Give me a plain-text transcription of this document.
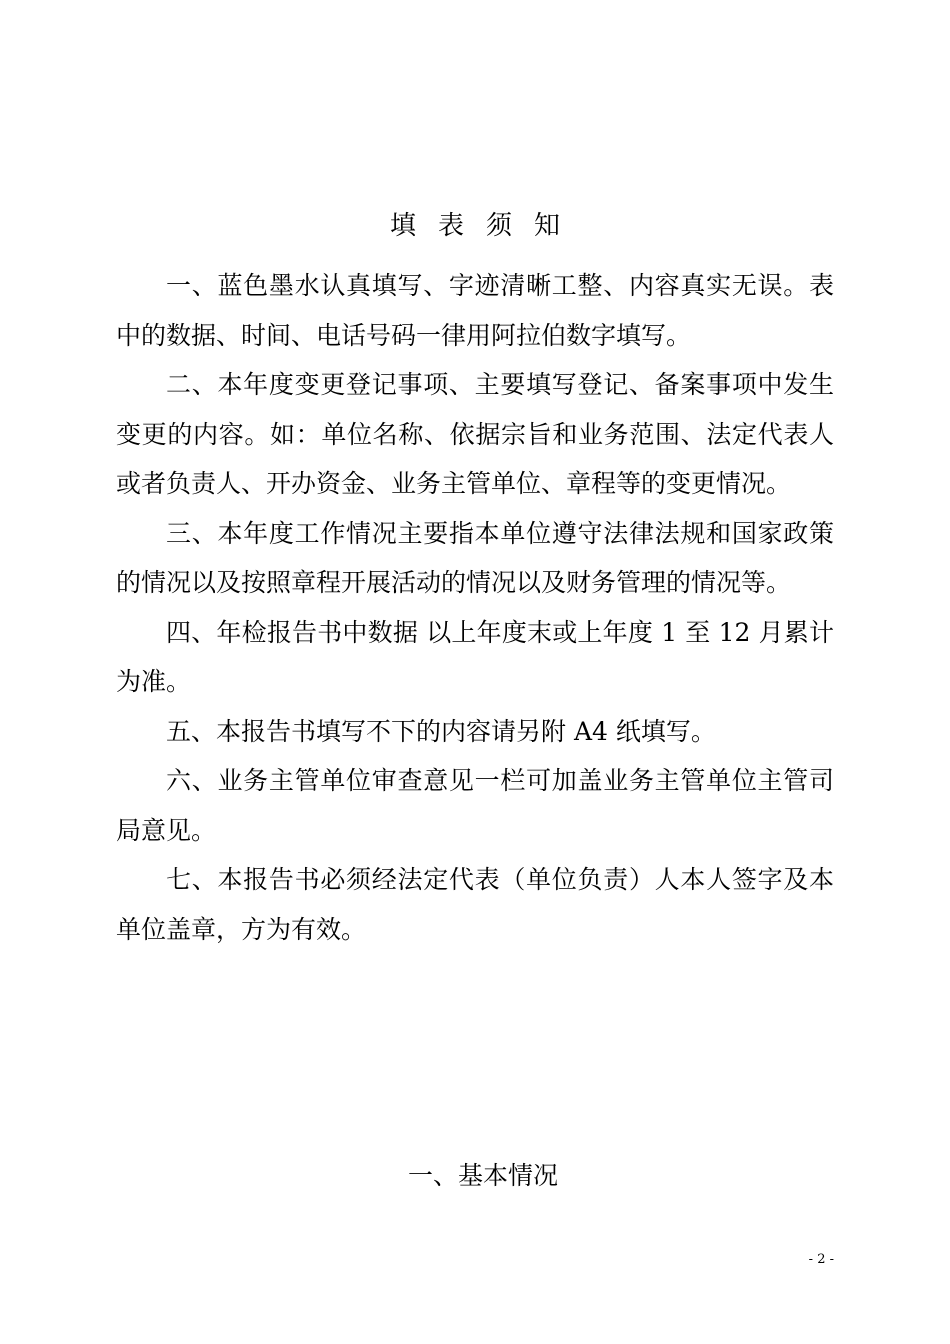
填表须知

一、蓝色墨水认真填写、字迹清晰工整、内容真实无误。表中的数据、时间、电话号码一律用阿拉伯数字填写。

二、本年度变更登记事项、主要填写登记、备案事项中发生变更的内容。如：单位名称、依据宗旨和业务范围、法定代表人或者负责人、开办资金、业务主管单位、章程等的变更情况。

三、本年度工作情况主要指本单位遵守法律法规和国家政策的情况以及按照章程开展活动的情况以及财务管理的情况等。

四、年检报告书中数据 以上年度末或上年度 1 至 12 月累计为准。

五、本报告书填写不下的内容请另附 A4 纸填写。

六、业务主管单位审查意见一栏可加盖业务主管单位主管司局意见。

七、本报告书必须经法定代表（单位负责）人本人签字及本单位盖章，方为有效。

一、基本情况
- 2 -
